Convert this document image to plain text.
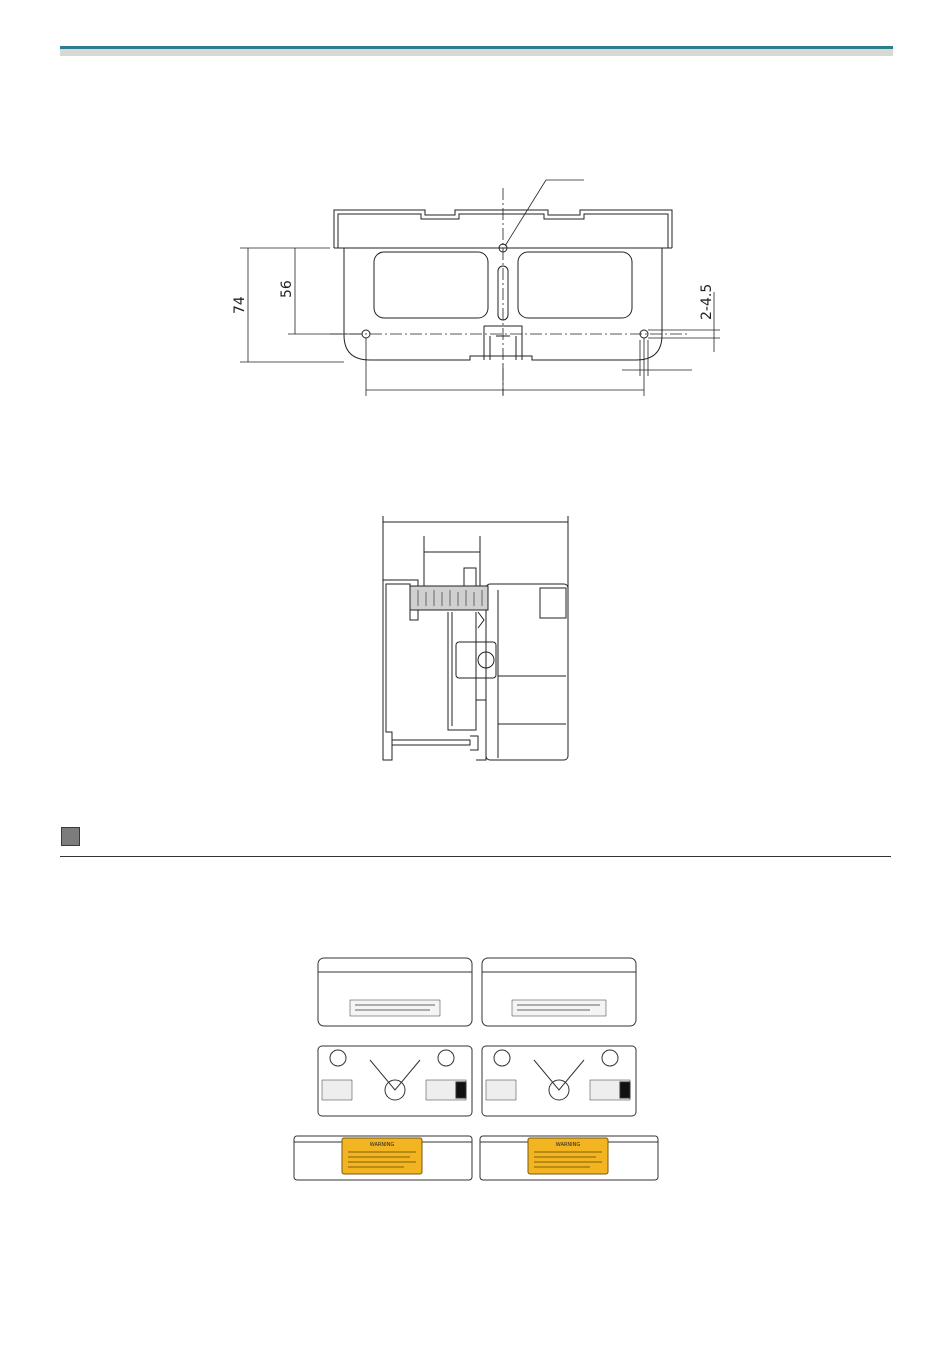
74
56	2-4.5
WARNING	WARNING
